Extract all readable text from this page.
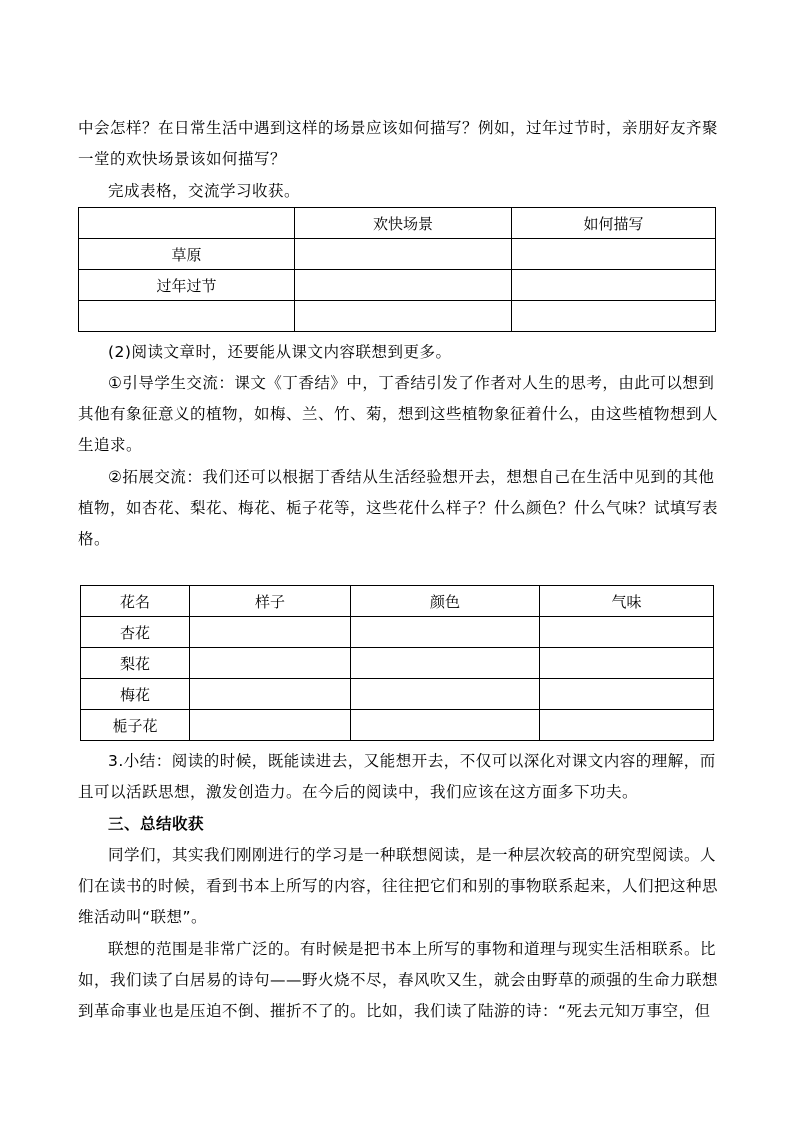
中会怎样？在日常生活中遇到这样的场景应该如何描写？例如，过年过节时，亲朋好友齐聚
一堂的欢快场景该如何描写？
完成表格，交流学习收获。
	欢快场景	如何描写
草原		
过年过节		

(2)阅读文章时，还要能从课文内容联想到更多。
①引导学生交流：课文《丁香结》中，丁香结引发了作者对人生的思考，由此可以想到
其他有象征意义的植物，如梅、兰、竹、菊，想到这些植物象征着什么，由这些植物想到人
生追求。
②拓展交流：我们还可以根据丁香结从生活经验想开去，想想自己在生活中见到的其他
植物，如杏花、梨花、梅花、栀子花等，这些花什么样子？什么颜色？什么气味？试填写表
格。
花名	样子	颜色	气味
杏花			
梨花			
梅花			
栀子花			
3.小结：阅读的时候，既能读进去，又能想开去，不仅可以深化对课文内容的理解，而
且可以活跃思想，激发创造力。在今后的阅读中，我们应该在这方面多下功夫。
三、总结收获
同学们，其实我们刚刚进行的学习是一种联想阅读，是一种层次较高的研究型阅读。人
们在读书的时候，看到书本上所写的内容，往往把它们和别的事物联系起来，人们把这种思
维活动叫“联想”。
联想的范围是非常广泛的。有时候是把书本上所写的事物和道理与现实生活相联系。比
如，我们读了白居易的诗句——野火烧不尽，春风吹又生，就会由野草的顽强的生命力联想
到革命事业也是压迫不倒、摧折不了的。比如，我们读了陆游的诗：“死去元知万事空，但
